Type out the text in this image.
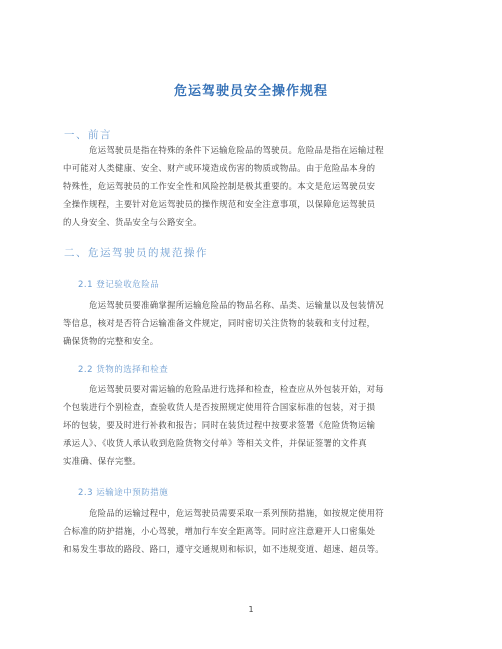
危运驾驶员安全操作规程
一、前言
危运驾驶员是指在特殊的条件下运输危险品的驾驶员。危险品是指在运输过程
中可能对人类健康、安全、财产或环境造成伤害的物质或物品。由于危险品本身的
特殊性，危运驾驶员的工作安全性和风险控制是极其重要的。本文是危运驾驶员安
全操作规程，主要针对危运驾驶员的操作规范和安全注意事项，以保障危运驾驶员
的人身安全、货品安全与公路安全。
二、危运驾驶员的规范操作
2.1 登记验收危险品
危运驾驶员要准确掌握所运输危险品的物品名称、品类、运输量以及包装情况
等信息，核对是否符合运输准备文件规定，同时密切关注货物的装载和支付过程，
确保货物的完整和安全。
2.2 货物的选择和检查
危运驾驶员要对需运输的危险品进行选择和检查，检查应从外包装开始，对每
个包装进行个别检查，查验收货人是否按照规定使用符合国家标准的包装，对于损
坏的包装，要及时进行补救和报告；同时在装货过程中按要求签署《危险货物运输
承运人》、《收货人承认收到危险货物交付单》等相关文件，并保证签署的文件真
实准确、保存完整。
2.3 运输途中预防措施
危险品的运输过程中，危运驾驶员需要采取一系列预防措施，如按规定使用符
合标准的防护措施，小心驾驶，增加行车安全距离等。同时应注意避开人口密集处
和易发生事故的路段、路口，遵守交通规则和标识，如不违规变道、超速、超员等。
1
